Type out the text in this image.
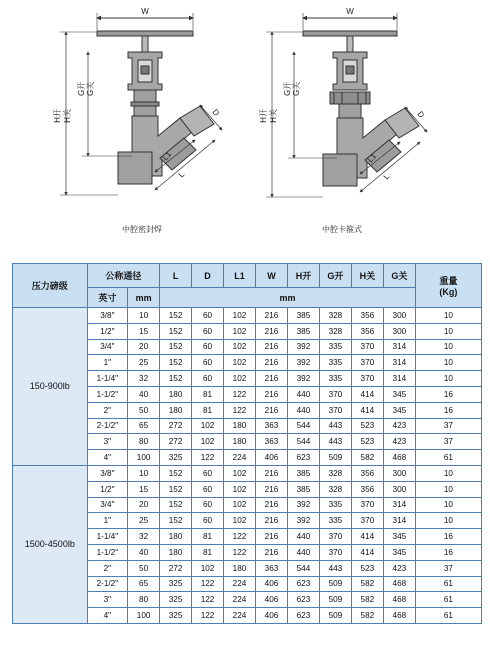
W
D
L
L1
H开 H关
G开 G关
W
D
L
L1
H开 H关
G开 G关
中腔密封焊	中腔卡箍式
压力磅级	公称通径		L	D	L1	W	H开	G开	H关	G关	重量
(Kg)
	英寸	mm	mm								
150-900lb	3/8"	10	152	60	102	216	385	328	356	300	10
	1/2"	15	152	60	102	216	385	328	356	300	10
	3/4"	20	152	60	102	216	392	335	370	314	10
	1"	25	152	60	102	216	392	335	370	314	10
	1-1/4"	32	152	60	102	216	392	335	370	314	10
	1-1/2"	40	180	81	122	216	440	370	414	345	16
	2"	50	180	81	122	216	440	370	414	345	16
	2-1/2"	65	272	102	180	363	544	443	523	423	37
	3"	80	272	102	180	363	544	443	523	423	37
	4"	100	325	122	224	406	623	509	582	468	61
1500-4500lb	3/8"	10	152	60	102	216	385	328	356	300	10
	1/2"	15	152	60	102	216	385	328	356	300	10
	3/4"	20	152	60	102	216	392	335	370	314	10
	1"	25	152	60	102	216	392	335	370	314	10
	1-1/4"	32	180	81	122	216	440	370	414	345	16
	1-1/2"	40	180	81	122	216	440	370	414	345	16
	2"	50	272	102	180	363	544	443	523	423	37
	2-1/2"	65	325	122	224	406	623	509	582	468	61
	3"	80	325	122	224	406	623	509	582	468	61
	4"	100	325	122	224	406	623	509	582	468	61
